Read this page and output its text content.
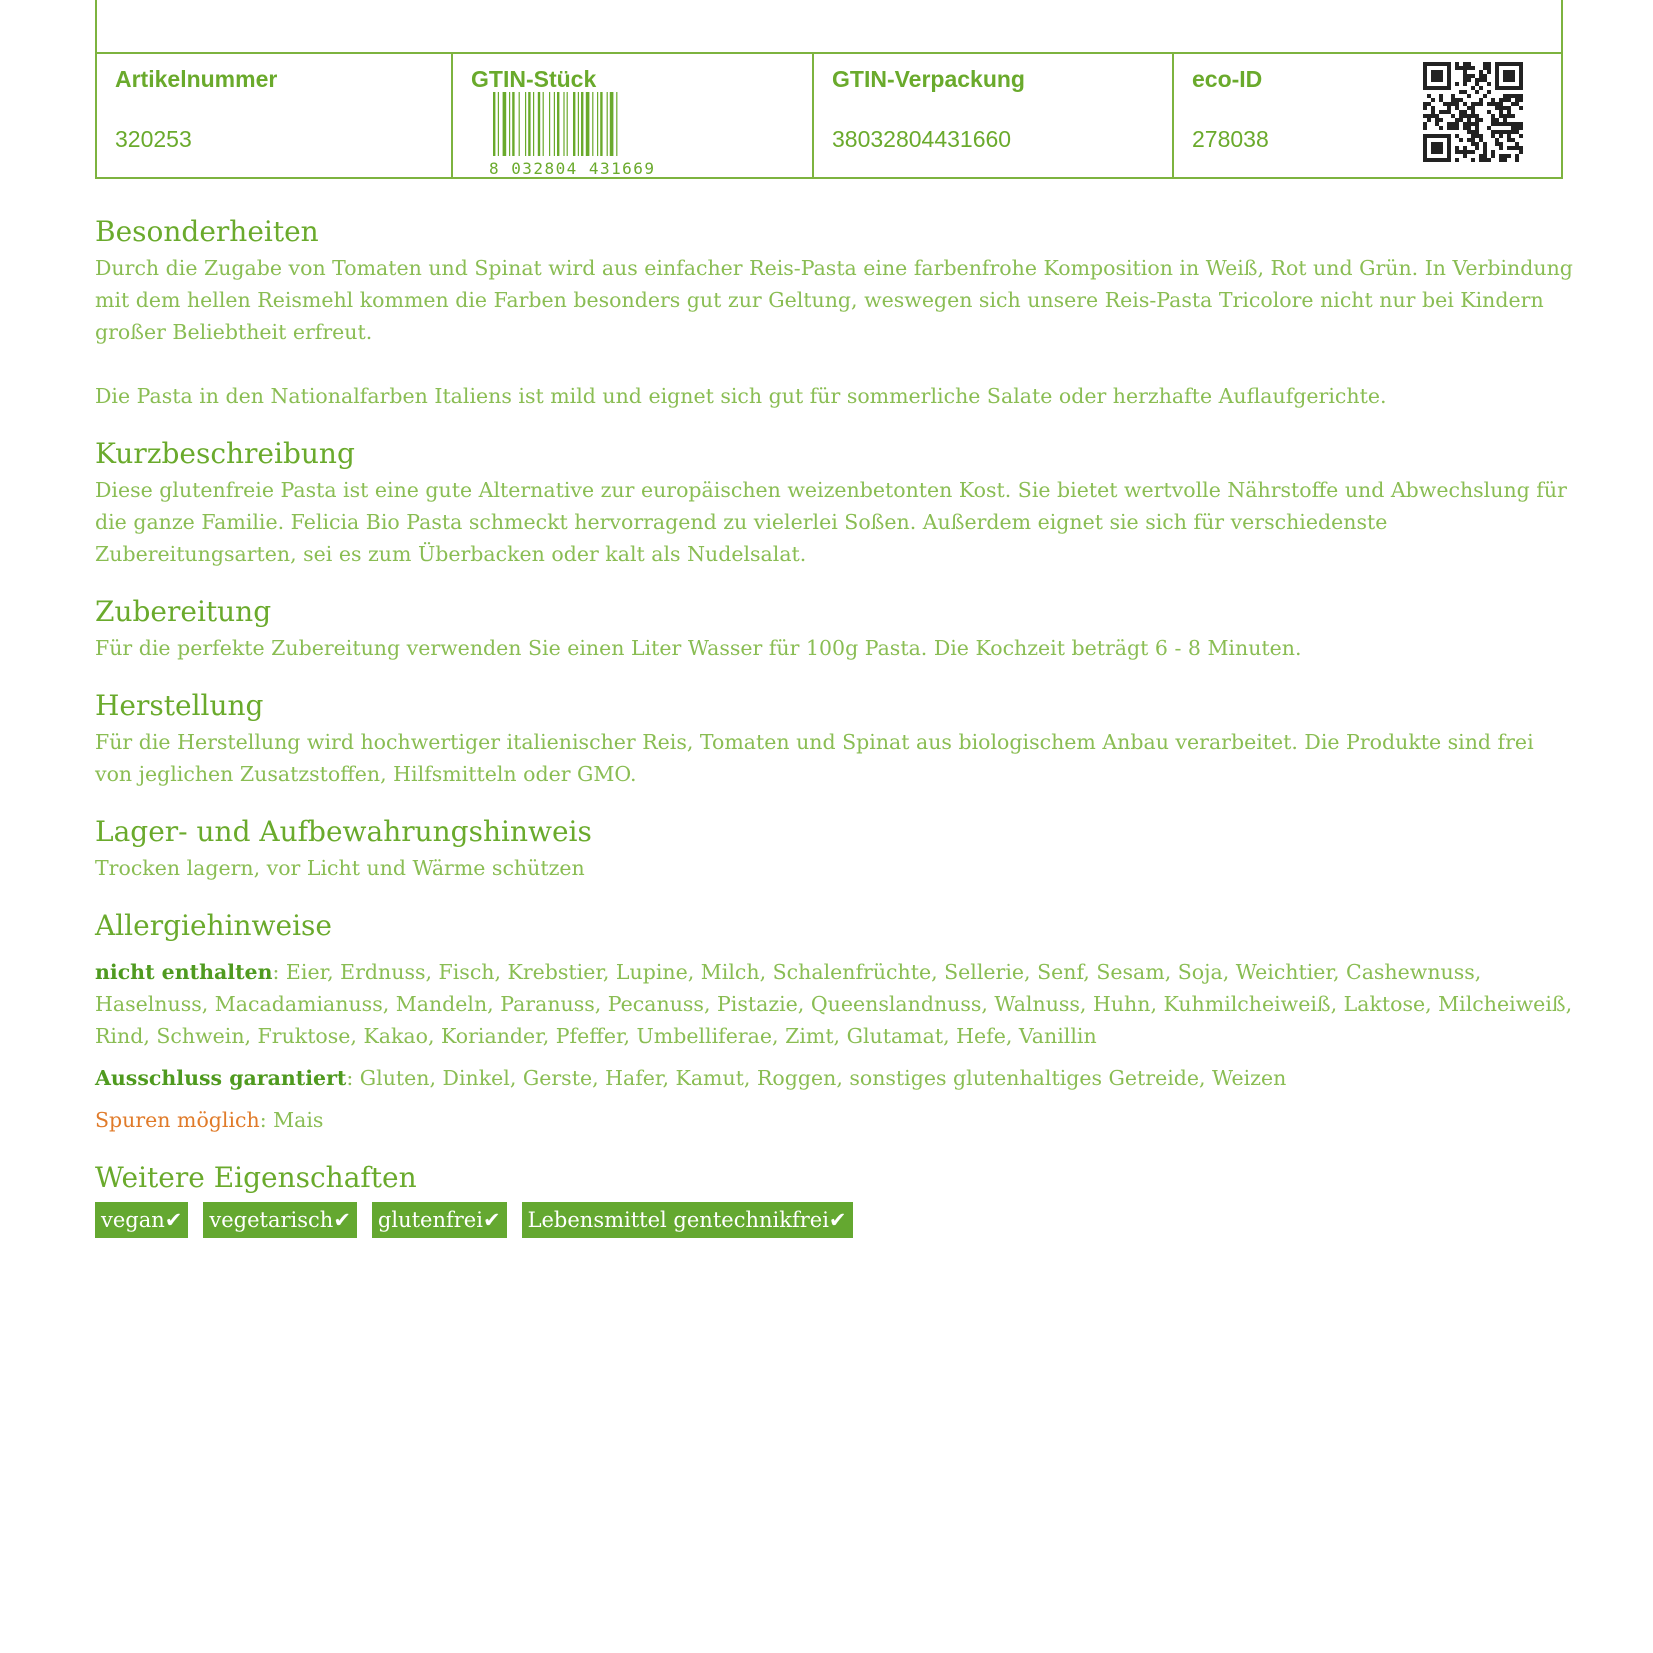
Artikelnummer
320253
GTIN-Stück
8 032804 431669
GTIN-Verpackung
38032804431660
eco-ID
278038
Besonderheiten

Durch die Zugabe von Tomaten und Spinat wird aus einfacher Reis-Pasta eine farbenfrohe Komposition in Weiß, Rot und Grün. In Verbindung mit dem hellen Reismehl kommen die Farben besonders gut zur Geltung, weswegen sich unsere Reis-Pasta Tricolore nicht nur bei Kindern großer Beliebtheit erfreut.

Die Pasta in den Nationalfarben Italiens ist mild und eignet sich gut für sommerliche Salate oder herzhafte Auflaufgerichte.

Kurzbeschreibung

Diese glutenfreie Pasta ist eine gute Alternative zur europäischen weizenbetonten Kost. Sie bietet wertvolle Nährstoffe und Abwechslung für die ganze Familie. Felicia Bio Pasta schmeckt hervorragend zu vielerlei Soßen. Außerdem eignet sie sich für verschiedenste Zubereitungsarten, sei es zum Überbacken oder kalt als Nudelsalat.

Zubereitung

Für die perfekte Zubereitung verwenden Sie einen Liter Wasser für 100g Pasta. Die Kochzeit beträgt 6 - 8 Minuten.

Herstellung

Für die Herstellung wird hochwertiger italienischer Reis, Tomaten und Spinat aus biologischem Anbau verarbeitet. Die Produkte sind frei von jeglichen Zusatzstoffen, Hilfsmitteln oder GMO.

Lager- und Aufbewahrungshinweis

Trocken lagern, vor Licht und Wärme schützen

Allergiehinweise

nicht enthalten: Eier, Erdnuss, Fisch, Krebstier, Lupine, Milch, Schalenfrüchte, Sellerie, Senf, Sesam, Soja, Weichtier, Cashewnuss, Haselnuss, Macadamianuss, Mandeln, Paranuss, Pecanuss, Pistazie, Queenslandnuss, Walnuss, Huhn, Kuhmilcheiweiß, Laktose, Milcheiweiß, Rind, Schwein, Fruktose, Kakao, Koriander, Pfeffer, Umbelliferae, Zimt, Glutamat, Hefe, Vanillin

Ausschluss garantiert: Gluten, Dinkel, Gerste, Hafer, Kamut, Roggen, sonstiges glutenhaltiges Getreide, Weizen

Spuren möglich: Mais

Weitere Eigenschaften
vegan✔ vegetarisch✔ glutenfrei✔ Lebensmittel gentechnikfrei✔
